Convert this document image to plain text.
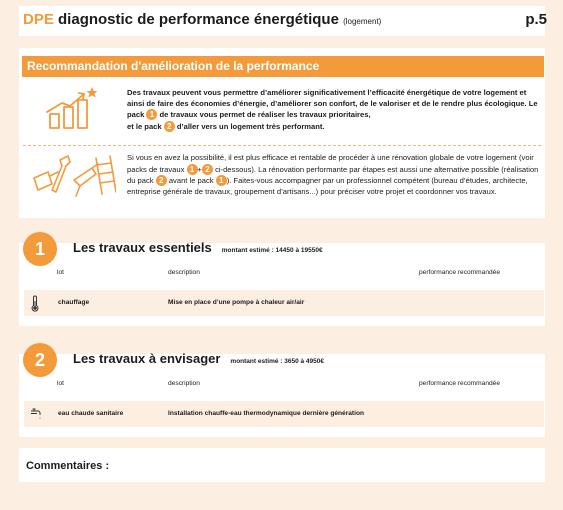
DPE diagnostic de performance énergétique (logement)	p.5
Recommandation d'amélioration de la performance
Des travaux peuvent vous permettre d’améliorer significativement l’efficacité énergétique de votre logement et ainsi de faire des économies d’énergie, d’améliorer son confort, de le valoriser et de le rendre plus écologique. Le pack 1 de travaux vous permet de réaliser les travaux prioritaires,
et le pack 2 d’aller vers un logement très performant.
Si vous en avez la possibilité, il est plus efficace et rentable de procéder à une rénovation globale de votre logement (voir packs de travaux 1 + 2 ci-dessous). La rénovation performante par étapes est aussi une alternative possible (réalisation du pack 2 avant le pack 1 ). Faites-vous accompagner par un professionnel compétent (bureau d’études, architecte, entreprise générale de travaux, groupement d’artisans...) pour préciser votre projet et coordonner vos travaux.
1	Les travaux essentiels montant estimé : 14450 à 19550€
lot	description	performance recommandée
chauffage	Mise en place d’une pompe à chaleur air/air
2	Les travaux à envisager montant estimé : 3650 à 4950€
lot	description	performance recommandée
eau chaude sanitaire	Installation chauffe-eau thermodynamique dernière génération
Commentaires :
